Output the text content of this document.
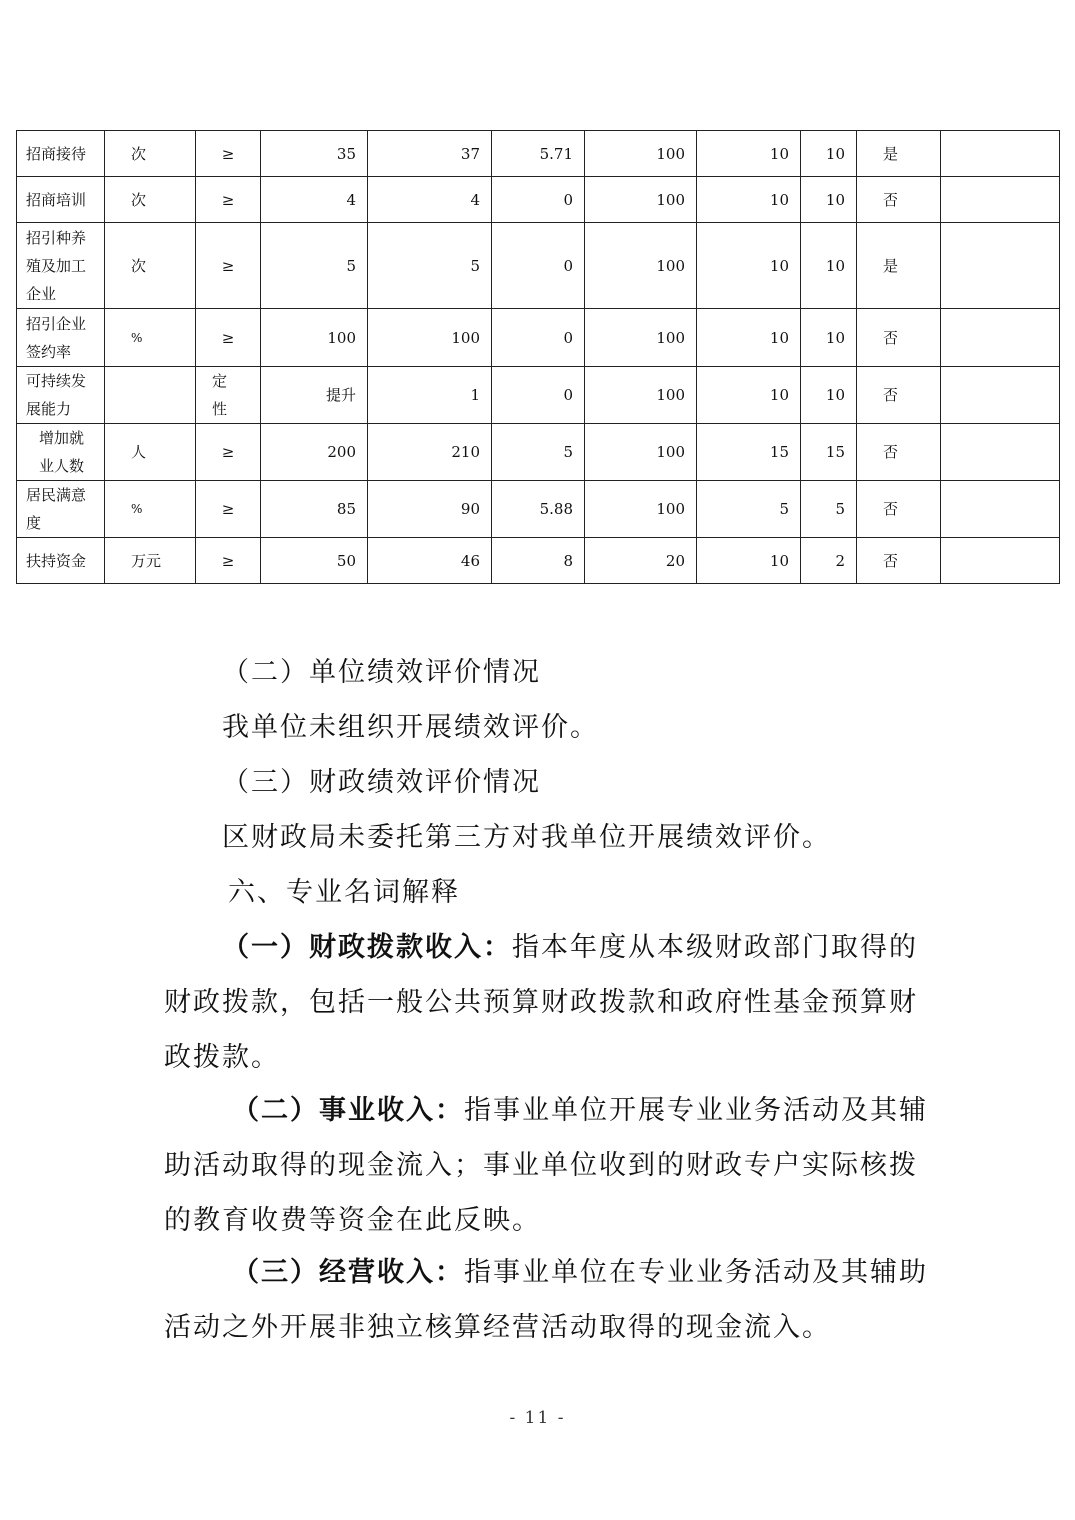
招商接待	次	≥	35	37	5.71	100	10	10	是	
招商培训	次	≥	4	4	0	100	10	10	否	
招引种养殖及加工企业	次	≥	5	5	0	100	10	10	是	
招引企业签约率	%	≥	100	100	0	100	10	10	否	
可持续发展能力		定性	提升	1	0	100	10	10	否	
增加就业人数	人	≥	200	210	5	100	15	15	否	
居民满意度	%	≥	85	90	5.88	100	5	5	否	
扶持资金	万元	≥	50	46	8	20	10	2	否	
（二）单位绩效评价情况
我单位未组织开展绩效评价。
（三）财政绩效评价情况
区财政局未委托第三方对我单位开展绩效评价。
六、专业名词解释
（一）财政拨款收入：指本年度从本级财政部门取得的
财政拨款，包括一般公共预算财政拨款和政府性基金预算财
政拨款。
（二）事业收入：指事业单位开展专业业务活动及其辅
助活动取得的现金流入；事业单位收到的财政专户实际核拨
的教育收费等资金在此反映。
（三）经营收入：指事业单位在专业业务活动及其辅助
活动之外开展非独立核算经营活动取得的现金流入。
- 11 -
